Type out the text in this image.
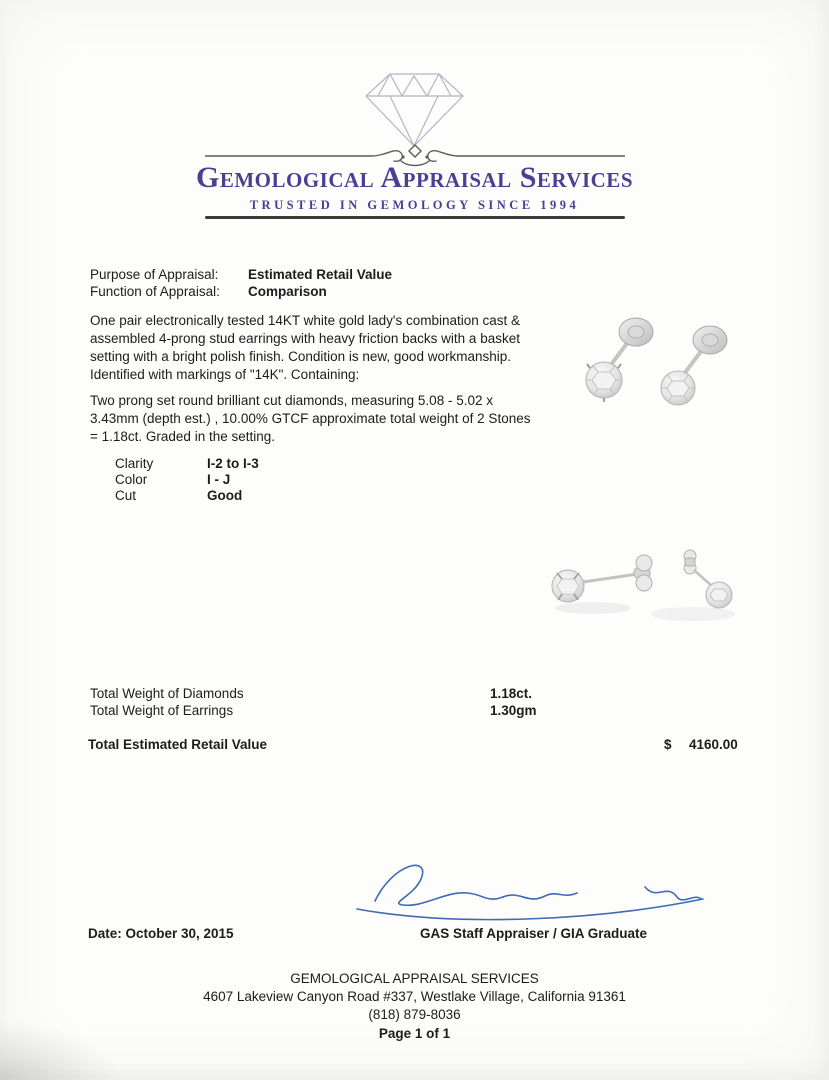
Gemological Appraisal Services
TRUSTED IN GEMOLOGY SINCE 1994
Purpose of Appraisal:	Estimated Retail Value
Function of Appraisal:	Comparison
One pair electronically tested 14KT white gold lady's combination cast & assembled 4-prong stud earrings with heavy friction backs with a basket setting with a bright polish finish. Condition is new, good workmanship. Identified with markings of "14K". Containing:
Two prong set round brilliant cut diamonds, measuring 5.08 - 5.02 x 3.43mm (depth est.) , 10.00% GTCF approximate total weight of 2 Stones = 1.18ct. Graded in the setting.
Clarity	I-2 to I-3
Color	I - J
Cut	Good
Total Weight of Diamonds	1.18ct.
Total Weight of Earrings	1.30gm
Total Estimated Retail Value	$ 4160.00
Date: October 30, 2015	GAS Staff Appraiser / GIA Graduate
GEMOLOGICAL APPRAISAL SERVICES
4607 Lakeview Canyon Road #337, Westlake Village, California 91361
(818) 879-8036
Page 1 of 1
